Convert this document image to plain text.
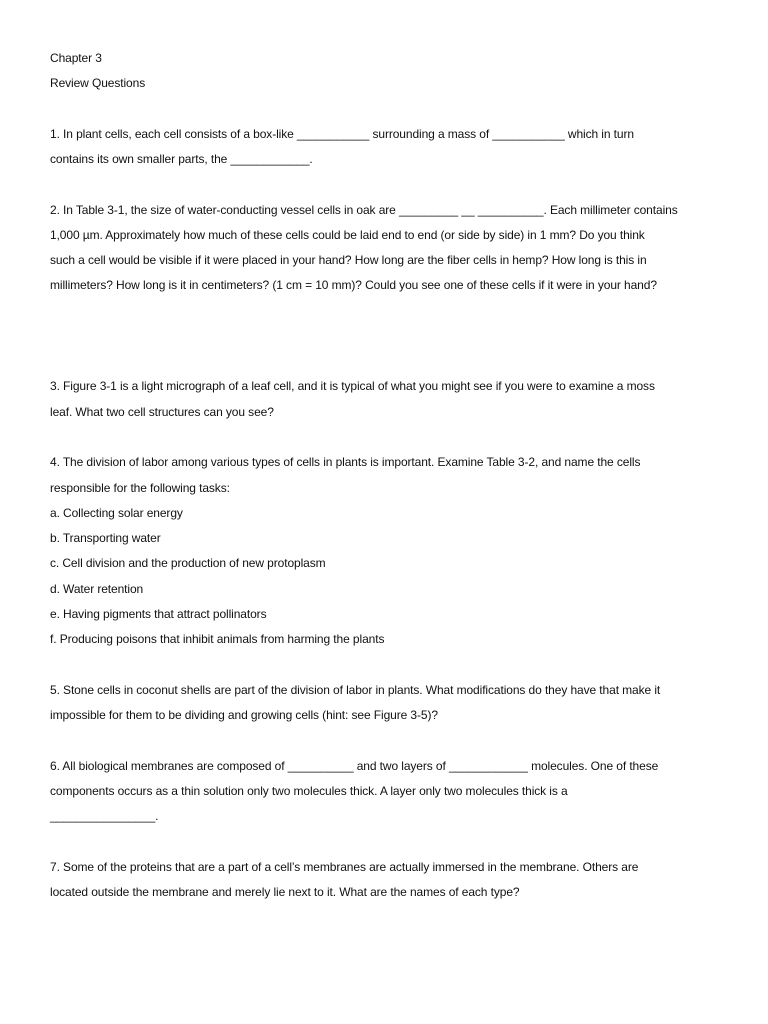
Chapter 3
Review Questions
1. In plant cells, each cell consists of a box-like ___________ surrounding a mass of ___________ which in turn
contains its own smaller parts, the ____________.
2. In Table 3-1, the size of water-conducting vessel cells in oak are _________ __ __________. Each millimeter contains
1,000 µm. Approximately how much of these cells could be laid end to end (or side by side) in 1 mm? Do you think
such a cell would be visible if it were placed in your hand? How long are the fiber cells in hemp? How long is this in
millimeters? How long is it in centimeters? (1 cm = 10 mm)? Could you see one of these cells if it were in your hand?
3. Figure 3-1 is a light micrograph of a leaf cell, and it is typical of what you might see if you were to examine a moss
leaf. What two cell structures can you see?
4. The division of labor among various types of cells in plants is important. Examine Table 3-2, and name the cells
responsible for the following tasks:
a. Collecting solar energy
b. Transporting water
c. Cell division and the production of new protoplasm
d. Water retention
e. Having pigments that attract pollinators
f. Producing poisons that inhibit animals from harming the plants
5. Stone cells in coconut shells are part of the division of labor in plants. What modifications do they have that make it
impossible for them to be dividing and growing cells (hint: see Figure 3-5)?
6. All biological membranes are composed of __________ and two layers of ____________ molecules. One of these
components occurs as a thin solution only two molecules thick. A layer only two molecules thick is a
________________.
7. Some of the proteins that are a part of a cell’s membranes are actually immersed in the membrane. Others are
located outside the membrane and merely lie next to it. What are the names of each type?
